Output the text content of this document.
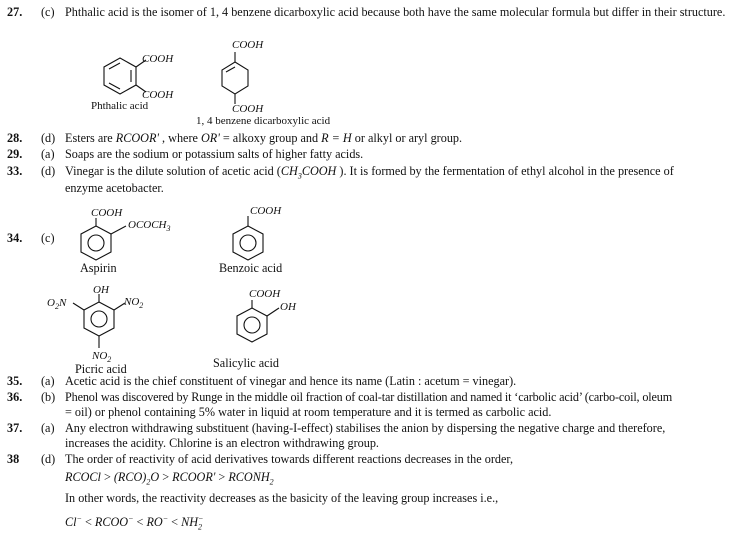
27. (c) Phthalic acid is the isomer of 1, 4 benzene dicarboxylic acid because both have the same molecular formula but differ in their structure.
COOH
COOH
Phthalic acid
COOH
COOH
1, 4 benzene dicarboxylic acid
28. (d) Esters are RCOOR' , where OR' = alkoxy group and R = H or alkyl or aryl group.
29. (a) Soaps are the sodium or potassium salts of higher fatty acids.
33. (d) Vinegar is the dilute solution of acetic acid ($CH_3COOH$ ). It is formed by the fermentation of ethyl alcohol in the presence of
enzyme acetobacter.
34. (c)
COOH
$OCOCH_3$
Aspirin
COOH
Benzoic acid
OH
$O_2N$	$NO_2$
$NO_2$
Picric acid
COOH
OH
Salicylic acid
35. (a) Acetic acid is the chief constituent of vinegar and hence its name (Latin : acetum = vinegar).
36. (b) Phenol was discovered by Runge in the middle oil fraction of coal-tar distillation and named it ‘carbolic acid’ (carbo-coil, oleum
= oil) or phenol containing 5% water in liquid at room temperature and it is termed as carbolic acid.
37. (a) Any electron withdrawing substituent (having-I-effect) stabilises the anion by dispersing the negative charge and therefore,
increases the acidity. Chlorine is an electron withdrawing group.
38 (d) The order of reactivity of acid derivatives towards different reactions decreases in the order,
RCOCl > $(RCO)_2O$ > RCOOR' > $RCONH_2$
In other words, the reactivity decreases as the basicity of the leaving group increases i.e.,
Cl− < RCOO− < $RO^- < NH_2^-$
